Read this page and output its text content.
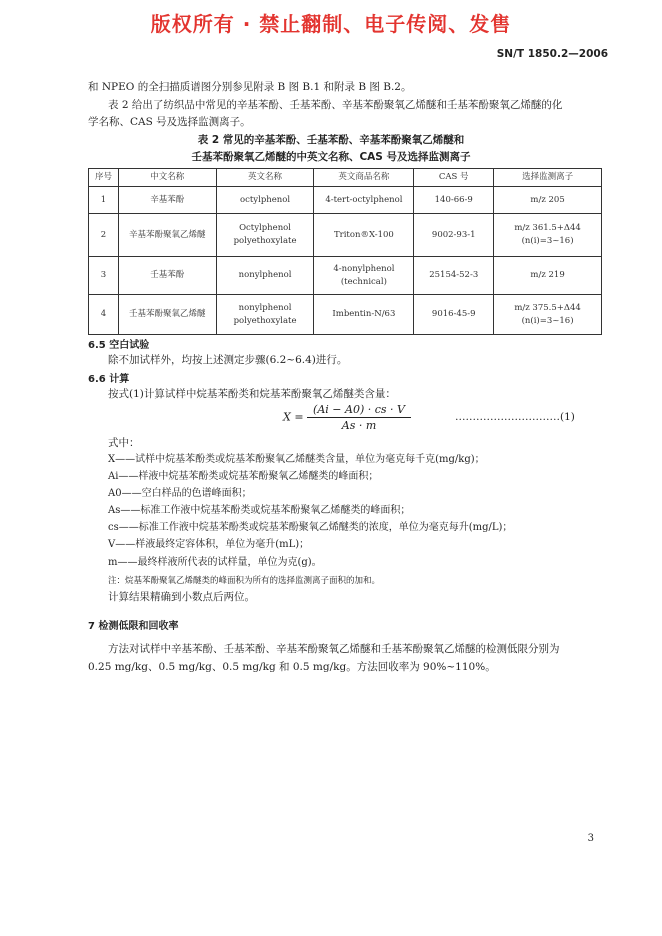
版权所有 · 禁止翻制、电子传阅、发售
SN/T 1850.2—2006
和 NPEO 的全扫描质谱图分别参见附录 B 图 B.1 和附录 B 图 B.2。
表 2 给出了纺织品中常见的辛基苯酚、壬基苯酚、辛基苯酚聚氧乙烯醚和壬基苯酚聚氧乙烯醚的化
学名称、CAS 号及选择监测离子。
表 2 常见的辛基苯酚、壬基苯酚、辛基苯酚聚氧乙烯醚和
壬基苯酚聚氧乙烯醚的中英文名称、CAS 号及选择监测离子
序号	中文名称	英文名称	英文商品名称	CAS 号	选择监测离子
1	辛基苯酚	octylphenol	4-tert-octylphenol	140-66-9	m/z 205
2	辛基苯酚聚氧乙烯醚	Octylphenol
polyethoxylate	Triton®X-100	9002-93-1	m/z 361.5+Δ44
(n(i)=3~16)
3	壬基苯酚	nonylphenol	4-nonylphenol
(technical)	25154-52-3	m/z 219
4	壬基苯酚聚氧乙烯醚	nonylphenol
polyethoxylate	Imbentin-N/63	9016-45-9	m/z 375.5+Δ44
(n(i)=3~16)
6.5 空白试验
除不加试样外，均按上述测定步骤(6.2~6.4)进行。
6.6 计算
按式(1)计算试样中烷基苯酚类和烷基苯酚聚氧乙烯醚类含量：
$X = \frac{(Ai - A0) \cdot cs \cdot V}{As \cdot m}$	…………………………(1)
式中：
X——试样中烷基苯酚类或烷基苯酚聚氧乙烯醚类含量，单位为毫克每千克(mg/kg)；
Ai——样液中烷基苯酚类或烷基苯酚聚氧乙烯醚类的峰面积；
A0——空白样品的色谱峰面积；
As——标准工作液中烷基苯酚类或烷基苯酚聚氧乙烯醚类的峰面积；
cs——标准工作液中烷基苯酚类或烷基苯酚聚氧乙烯醚类的浓度，单位为毫克每升(mg/L)；
V——样液最终定容体积，单位为毫升(mL)；
m——最终样液所代表的试样量，单位为克(g)。
注：烷基苯酚聚氧乙烯醚类的峰面积为所有的选择监测离子面积的加和。
计算结果精确到小数点后两位。
7 检测低限和回收率
方法对试样中辛基苯酚、壬基苯酚、辛基苯酚聚氧乙烯醚和壬基苯酚聚氧乙烯醚的检测低限分别为
0.25 mg/kg、0.5 mg/kg、0.5 mg/kg 和 0.5 mg/kg。方法回收率为 90%~110%。
3
